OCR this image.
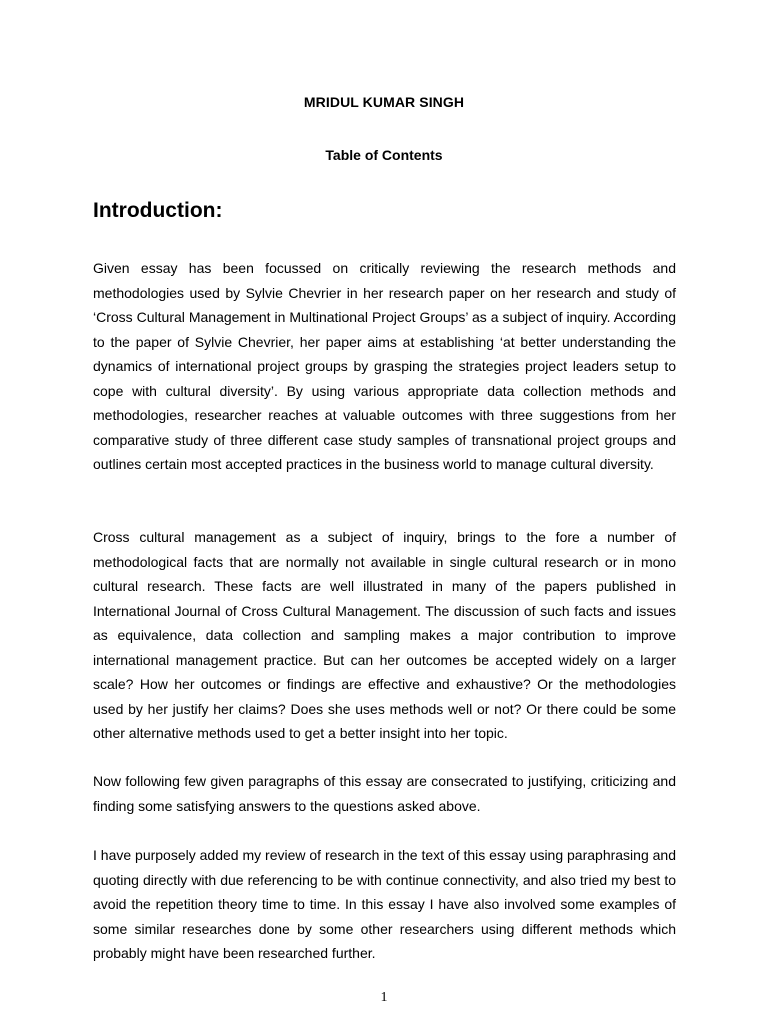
MRIDUL KUMAR SINGH
Table of Contents
Introduction:

Given essay has been focussed on critically reviewing the research methods and methodologies used by Sylvie Chevrier in her research paper on her research and study of ‘Cross Cultural Management in Multinational Project Groups’ as a subject of inquiry. According to the paper of Sylvie Chevrier, her paper aims at establishing ‘at better understanding the dynamics of international project groups by grasping the strategies project leaders setup to cope with cultural diversity’. By using various appropriate data collection methods and methodologies, researcher reaches at valuable outcomes with three suggestions from her comparative study of three different case study samples of transnational project groups and outlines certain most accepted practices in the business world to manage cultural diversity.

Cross cultural management as a subject of inquiry, brings to the fore a number of methodological facts that are normally not available in single cultural research or in mono cultural research. These facts are well illustrated in many of the papers published in International Journal of Cross Cultural Management. The discussion of such facts and issues as equivalence, data collection and sampling makes a major contribution to improve international management practice. But can her outcomes be accepted widely on a larger scale? How her outcomes or findings are effective and exhaustive? Or the methodologies used by her justify her claims? Does she uses methods well or not? Or there could be some other alternative methods used to get a better insight into her topic.

Now following few given paragraphs of this essay are consecrated to justifying, criticizing and finding some satisfying answers to the questions asked above.

I have purposely added my review of research in the text of this essay using paraphrasing and quoting directly with due referencing to be with continue connectivity, and also tried my best to avoid the repetition theory time to time. In this essay I have also involved some examples of some similar researches done by some other researchers using different methods which probably might have been researched further.

1
